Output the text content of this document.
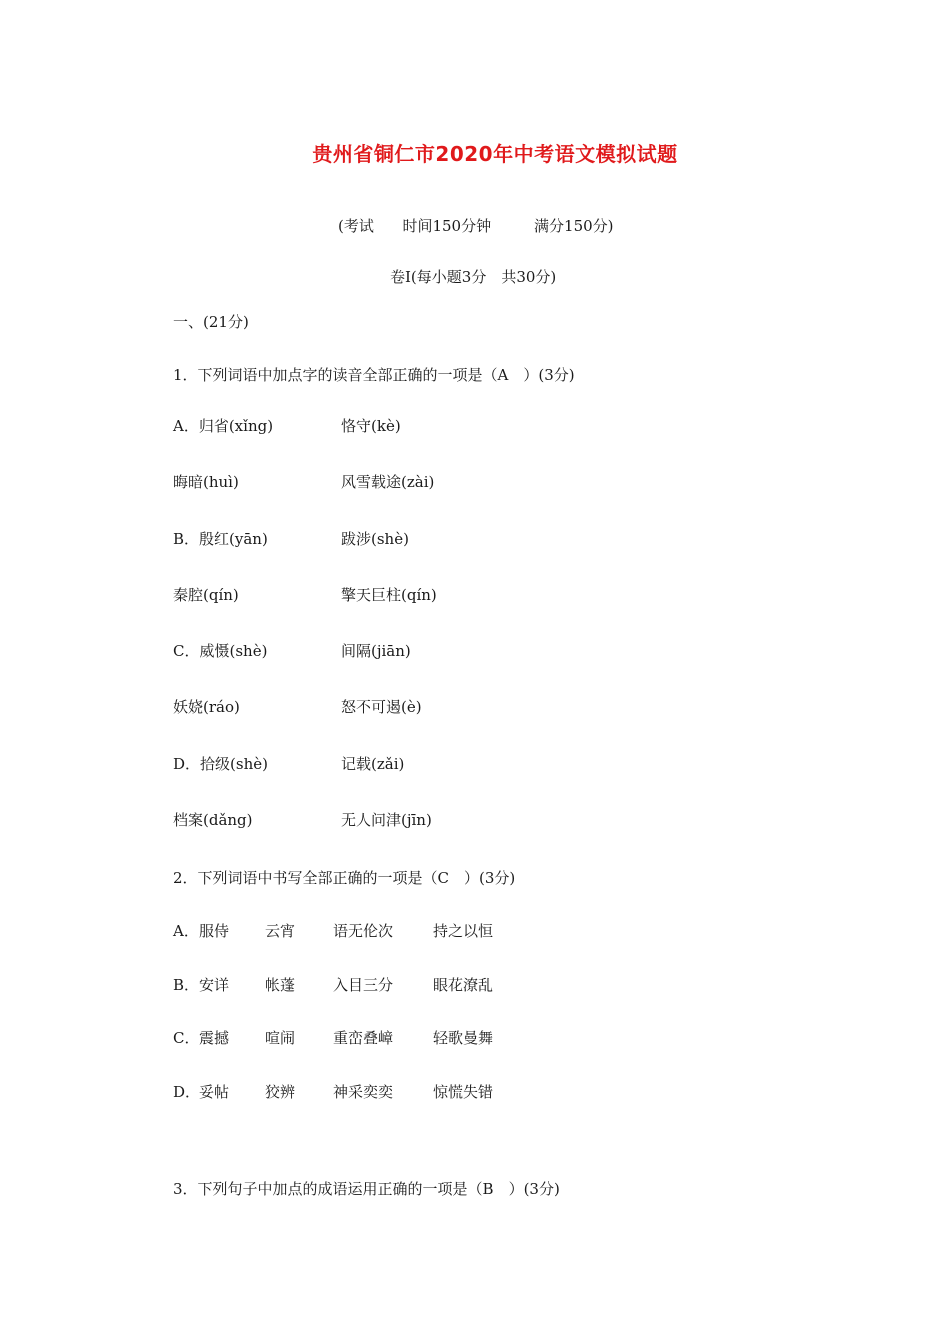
贵州省铜仁市2020年中考语文模拟试题
(考试 时间150分钟	满分150分)
卷Ⅰ(每小题3分　共30分)
一、(21分)
1．下列词语中加点字的读音全部正确的一项是（A　）(3分)
A．归省(xǐng)	恪守(kè)
晦暗(huì)	风雪载途(zài)
B．殷红(yān)	跋涉(shè)
秦腔(qín)	擎天巨柱(qín)
C．威慑(shè)	间隔(jiān)
妖娆(ráo)	怒不可遏(è)
D．拾级(shè)	记载(zǎi)
档案(dǎng)	无人问津(jīn)
2．下列词语中书写全部正确的一项是（C　）(3分)
A．服侍 云宵	语无伦次	持之以恒
B．安详 帐蓬	入目三分	眼花潦乱
C．震撼 喧闹	重峦叠嶂	轻歌曼舞
D．妥帖 狡辨	神采奕奕	惊慌失错
3．下列句子中加点的成语运用正确的一项是（B　）(3分)
